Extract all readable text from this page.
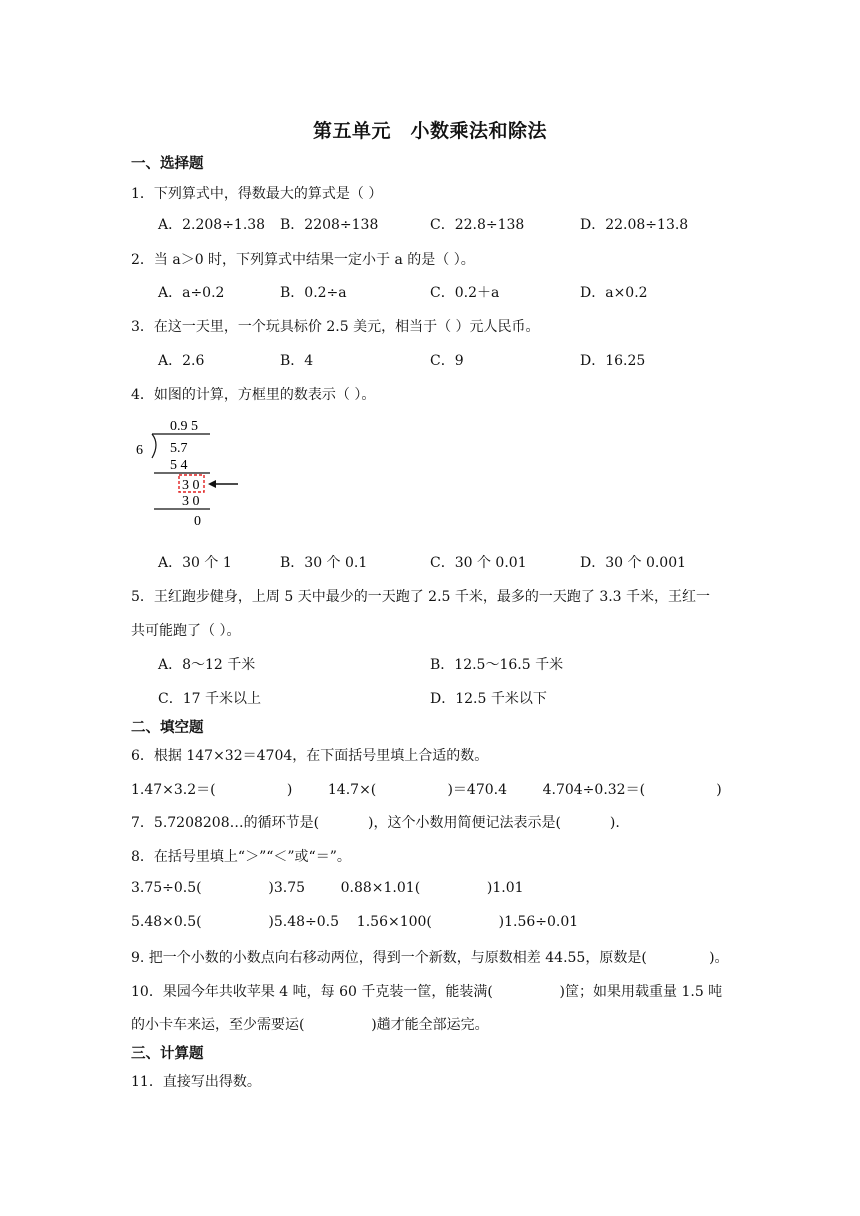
第五单元　小数乘法和除法
一、选择题
1．下列算式中，得数最大的算式是（ ）
A．2.208÷1.38 B．2208÷138	C．22.8÷138	D．22.08÷13.8
2．当 a＞0 时，下列算式中结果一定小于 a 的是（ ）。
A．a÷0.2	B．0.2÷a	C．0.2＋a	D．a×0.2
3．在这一天里，一个玩具标价 2.5 美元，相当于（ ）元人民币。
A．2.6	B．4	C．9	D．16.25
4．如图的计算，方框里的数表示（ ）。
0.9 5
6 5.7
5 4
3 0
3 0
0
A．30 个 1	B．30 个 0.1	C．30 个 0.01	D．30 个 0.001
5．王红跑步健身，上周 5 天中最少的一天跑了 2.5 千米，最多的一天跑了 3.3 千米，王红一
共可能跑了（ ）。
A．8～12 千米	B．12.5～16.5 千米
C．17 千米以上	D．12.5 千米以下
二、填空题
6．根据 147×32＝4704，在下面括号里填上合适的数。
1.47×3.2＝(                )        14.7×(                )＝470.4        4.704÷0.32＝(                )
7．5.7208208…的循环节是(           )，这个小数用简便记法表示是(           ).
8．在括号里填上“＞”“＜”或“＝”。
3.75÷0.5(               )3.75        0.88×1.01(               )1.01
5.48×0.5(               )5.48÷0.5    1.56×100(               )1.56÷0.01
9. 把一个小数的小数点向右移动两位，得到一个新数，与原数相差 44.55，原数是(              )。
10．果园今年共收苹果 4 吨，每 60 千克装一筐，能装满(               )筐；如果用载重量 1.5 吨
的小卡车来运，至少需要运(               )趟才能全部运完。
三、计算题
11．直接写出得数。
